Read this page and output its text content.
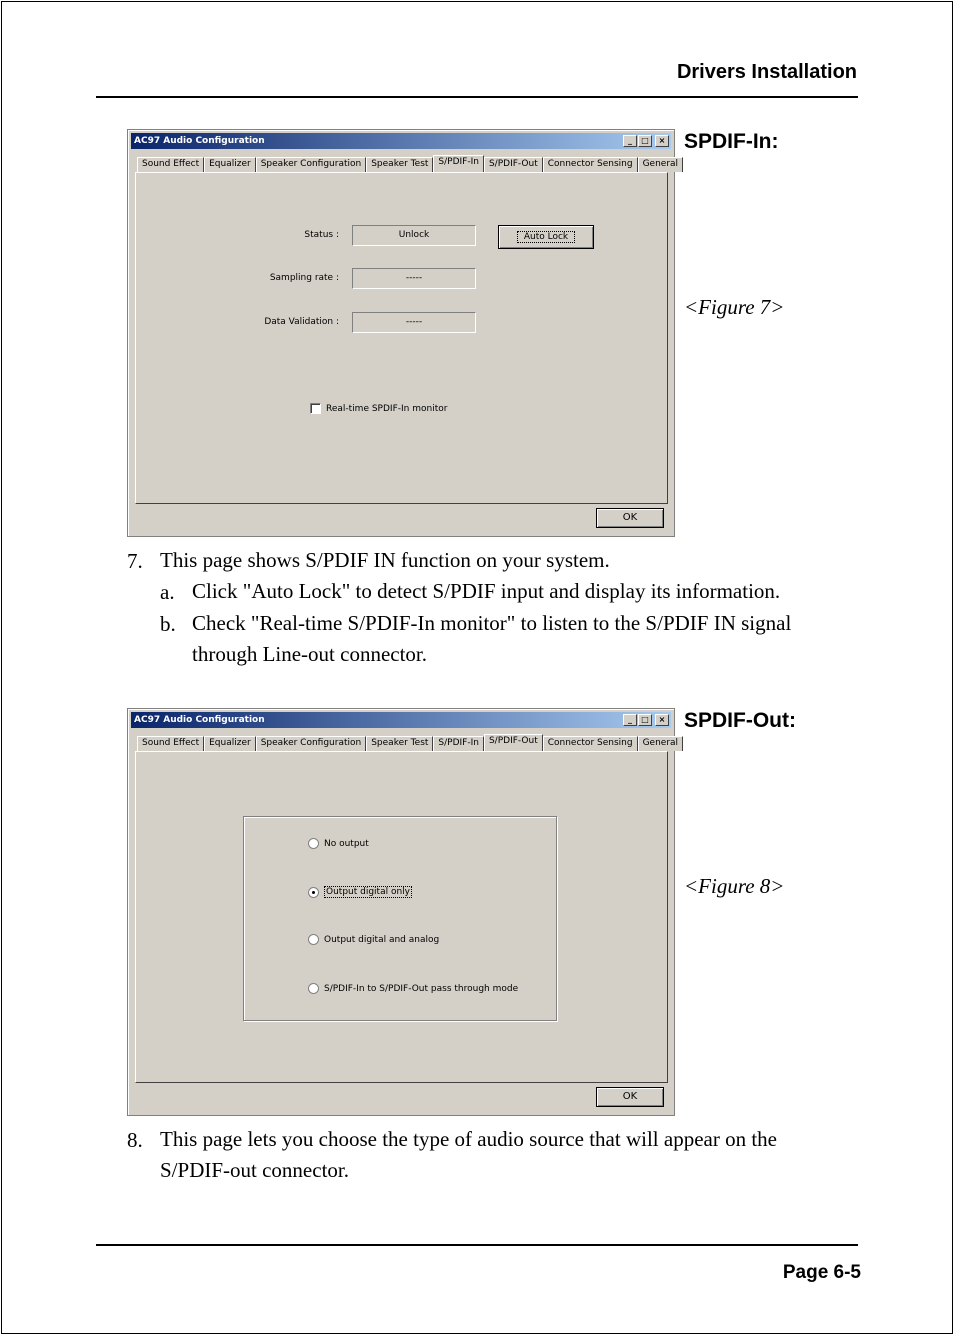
Drivers Installation
AC97 Audio Configuration	_	□	×
Sound Effect	Equalizer	Speaker Configuration	Speaker Test	S/PDIF-In	S/PDIF-Out	Connector Sensing	General
Status :	Unlock	Auto Lock
Sampling rate :	-----
Data Validation :	-----
Real-time SPDIF-In monitor
OK
SPDIF-In:
<Figure 7>
7. This page shows S/PDIF IN function on your system.
a. Click "Auto Lock" to detect S/PDIF input and display its information.
b. Check "Real-time S/PDIF-In monitor" to listen to the S/PDIF IN signal
through Line-out connector.
AC97 Audio Configuration	_	□	×
Sound Effect	Equalizer	Speaker Configuration	Speaker Test	S/PDIF-In	S/PDIF-Out	Connector Sensing	General
No output
Output digital only
Output digital and analog
S/PDIF-In to S/PDIF-Out pass through mode
OK
SPDIF-Out:
<Figure 8>
8. This page lets you choose the type of audio source that will appear on the
S/PDIF-out connector.
Page 6-5
